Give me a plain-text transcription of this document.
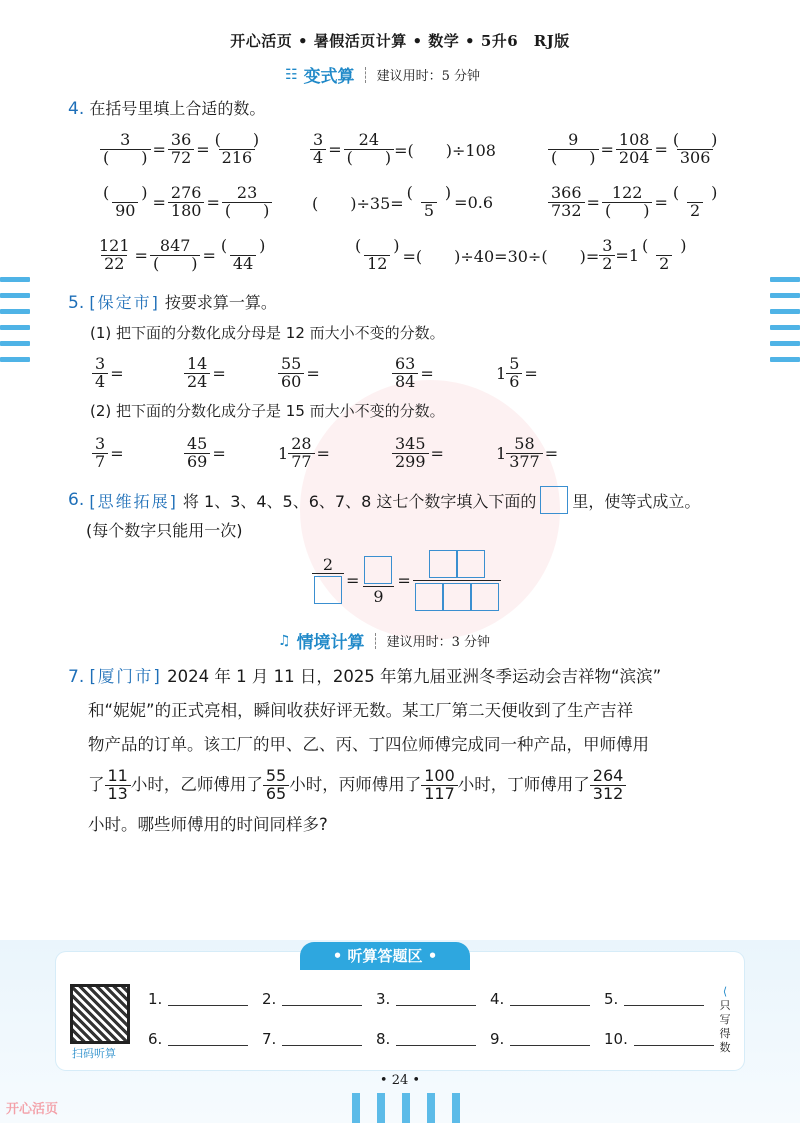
开心活页 • 暑假活页计算 • 数学 • 5升6　RJ版
☷ 变式算 建议用时：5 分钟
4. 在括号里填上合适的数。
$\frac{3}{( )} = \frac{36}{72} = \frac{( )}{216}$	$\frac{3}{4} = \frac{24}{( )}$ =(　　)÷108	$\frac{9}{( )} = \frac{108}{204} = \frac{( )}{306}$
$\frac{( )}{90} = \frac{276}{180} = \frac{23}{( )}$ (　　)$\div 35= \frac{( )}{5} =0.6$	$\frac{366}{732} = \frac{122}{( )} = \frac{( )}{2}$
$\frac{121}{22} = \frac{847}{( )} = \frac{( )}{44}$	$\frac{( )}{12}$ =(　　)÷40=30÷(　　)= $\frac{3}{2} =1 \frac{( )}{2}$
5. [保定市] 按要求算一算。
(1) 把下面的分数化成分母是 12 而大小不变的分数。
$\frac{3}{4}$ =	$\frac{14}{24}$ =	$\frac{55}{60}$ =	$\frac{63}{84}$ =	$1 \frac{5}{6}$ =
(2) 把下面的分数化成分子是 15 而大小不变的分数。
$\frac{3}{7}$ =	$\frac{45}{69}$ =	$1 \frac{28}{77}$ =	$\frac{345}{299}$ =	$1 \frac{58}{377}$ =
6.
[思维拓展]
将 1、3、4、5、6、7、8 这七个数字填入下面的 里，使等式成立。
(每个数字只能用一次)
2
=
9
=
♫ 情境计算 建议用时：3 分钟
7. [厦门市] 2024 年 1 月 11 日，2025 年第九届亚洲冬季运动会吉祥物“滨滨”
和“妮妮”的正式亮相，瞬间收获好评无数。某工厂第二天便收到了生产吉祥
物产品的订单。该工厂的甲、乙、丙、丁四位师傅完成同一种产品，甲师傅用
了 $\frac{11}{13}$ 小时，乙师傅用了 $\frac{55}{65}$ 小时，丙师傅用了 $\frac{100}{117}$ 小时，丁师傅用了 $\frac{264}{312}$
小时。哪些师傅用的时间同样多?
• 听算答题区 •
扫码听算
1.	2.	3.	4.	5.
6.	7.	8.	9.	10.
⟨
只写得数
• 24 •
开心活页
